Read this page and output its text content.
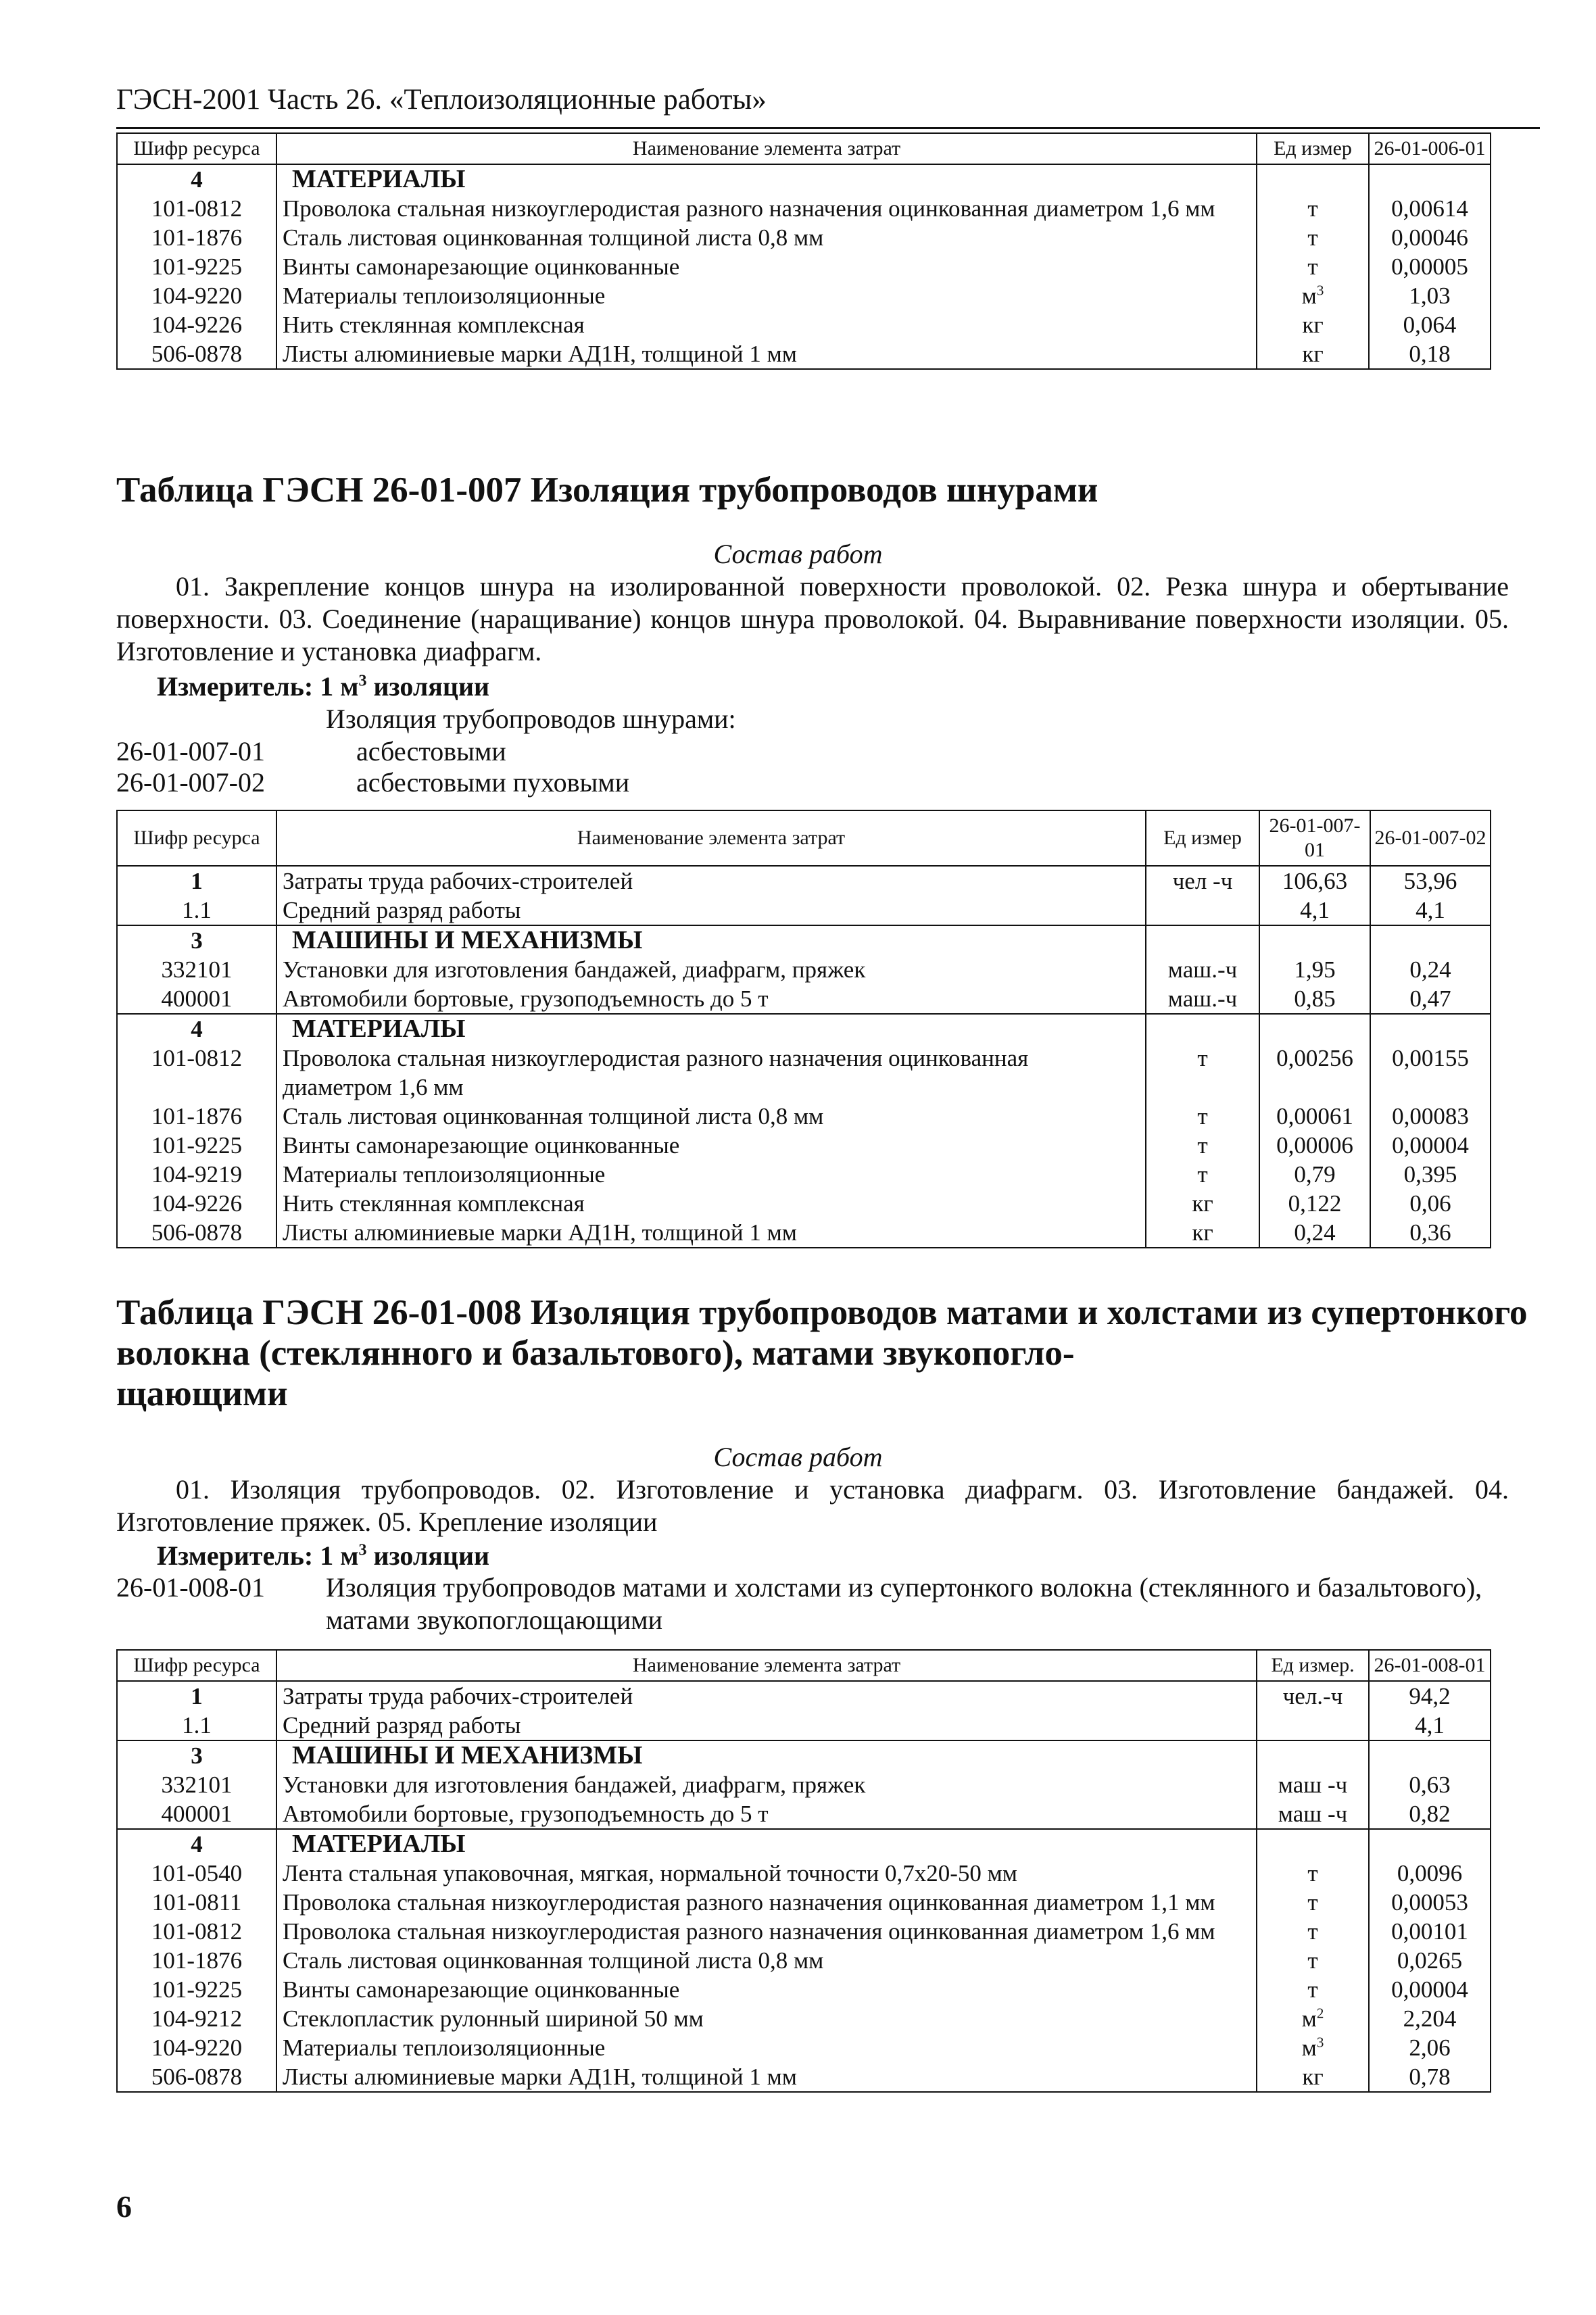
ГЭСН-2001 Часть 26. «Теплоизоляционные работы»
Шифр ресурса	Наименование элемента затрат	Ед измер	26-01-006-01
4	МАТЕРИАЛЫ		
101-0812	Проволока стальная низкоуглеродистая разного назначения оцинкованная диаметром 1,6 мм	т	0,00614
101-1876	Сталь листовая оцинкованная толщиной листа 0,8 мм	т	0,00046
101-9225	Винты самонарезающие оцинкованные	т	0,00005
104-9220	Материалы теплоизоляционные	$м^3$	1,03
104-9226	Нить стеклянная комплексная	кг	0,064
506-0878	Листы алюминиевые марки АД1Н, толщиной 1 мм	кг	0,18
Таблица ГЭСН 26-01-007 Изоляция трубопроводов шнурами
Состав работ
01. Закрепление концов шнура на изолированной поверхности проволокой. 02. Резка шнура и обертывание поверхности. 03. Соединение (наращивание) концов шнура проволокой. 04. Выравнивание поверхности изоляции. 05. Изготовление и установка диафрагм.
Измеритель: 1 $м^3$ изоляции
Изоляция трубопроводов шнурами:
26-01-007-01	асбестовыми
26-01-007-02	асбестовыми пуховыми
Шифр ресурса	Наименование элемента затрат	Ед измер	26-01-007-01	26-01-007-02
1	Затраты труда рабочих-строителей	чел -ч	106,63	53,96
1.1	Средний разряд работы		4,1	4,1
3	МАШИНЫ И МЕХАНИЗМЫ			
332101	Установки для изготовления бандажей, диафрагм, пряжек	маш.-ч	1,95	0,24
400001	Автомобили бортовые, грузоподъемность до 5 т	маш.-ч	0,85	0,47
4	МАТЕРИАЛЫ			
101-0812	Проволока стальная низкоуглеродистая разного назначения оцинкованная диаметром 1,6 мм	т	0,00256	0,00155
101-1876	Сталь листовая оцинкованная толщиной листа 0,8 мм	т	0,00061	0,00083
101-9225	Винты самонарезающие оцинкованные	т	0,00006	0,00004
104-9219	Материалы теплоизоляционные	т	0,79	0,395
104-9226	Нить стеклянная комплексная	кг	0,122	0,06
506-0878	Листы алюминиевые марки АД1Н, толщиной 1 мм	кг	0,24	0,36
Таблица ГЭСН 26-01-008 Изоляция трубопроводов матами и холстами из супертонкого
волокна (стеклянного и базальтового), матами звукопогло-
щающими
Состав работ
01. Изоляция трубопроводов. 02. Изготовление и установка диафрагм. 03. Изготовление бандажей. 04. Изготовление пряжек. 05. Крепление изоляции
Измеритель: 1 $м^3$ изоляции
26-01-008-01 Изоляция трубопроводов матами и холстами из супертонкого волокна (стеклянного и базальтового), матами звукопоглощающими
Шифр ресурса	Наименование элемента затрат	Ед измер.	26-01-008-01
1	Затраты труда рабочих-строителей	чел.-ч	94,2
1.1	Средний разряд работы		4,1
3	МАШИНЫ И МЕХАНИЗМЫ		
332101	Установки для изготовления бандажей, диафрагм, пряжек	маш -ч	0,63
400001	Автомобили бортовые, грузоподъемность до 5 т	маш -ч	0,82
4	МАТЕРИАЛЫ		
101-0540	Лента стальная упаковочная, мягкая, нормальной точности 0,7х20-50 мм	т	0,0096
101-0811	Проволока стальная низкоуглеродистая разного назначения оцинкованная диаметром 1,1 мм	т	0,00053
101-0812	Проволока стальная низкоуглеродистая разного назначения оцинкованная диаметром 1,6 мм	т	0,00101
101-1876	Сталь листовая оцинкованная толщиной листа 0,8 мм	т	0,0265
101-9225	Винты самонарезающие оцинкованные	т	0,00004
104-9212	Стеклопластик рулонный шириной 50 мм	$м^2$	2,204
104-9220	Материалы теплоизоляционные	$м^3$	2,06
506-0878	Листы алюминиевые марки АД1Н, толщиной 1 мм	кг	0,78
6
